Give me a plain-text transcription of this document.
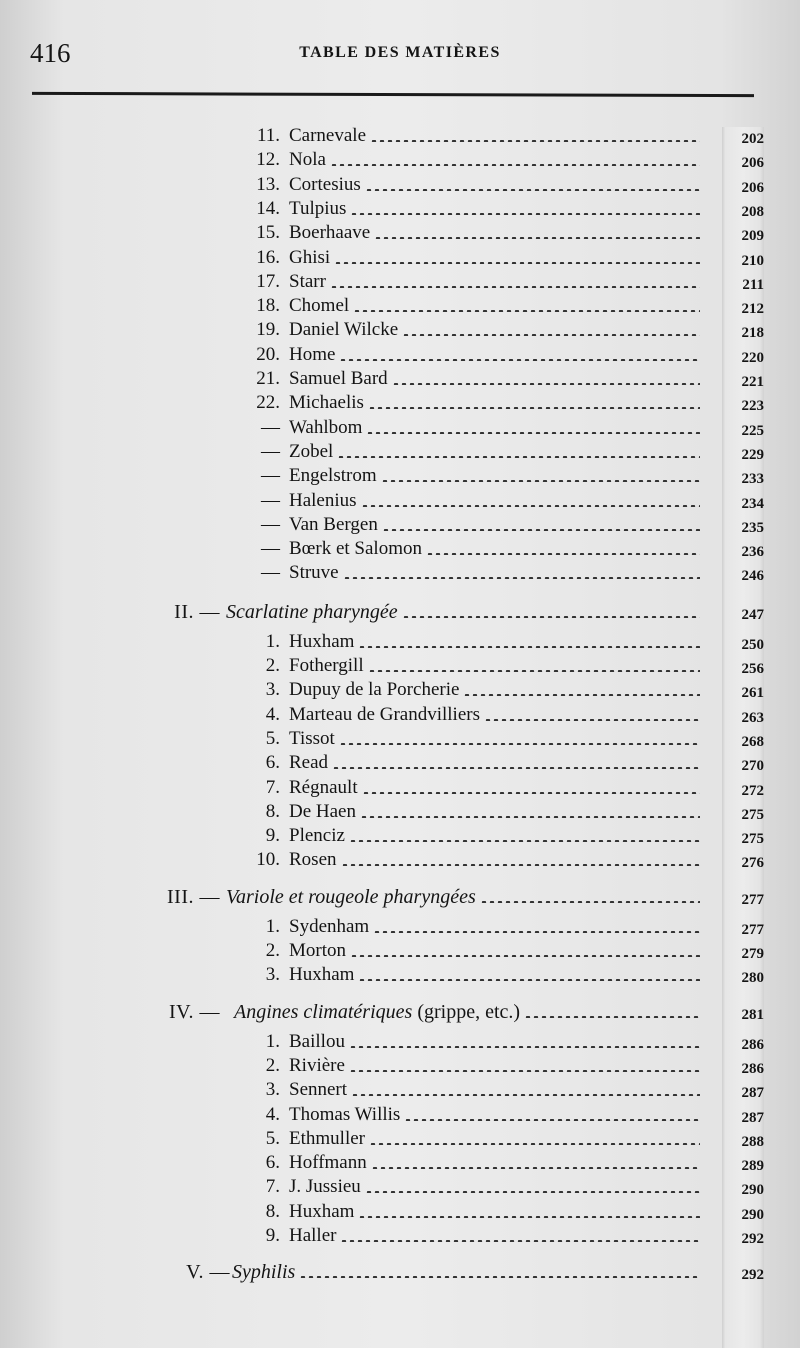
416	TABLE DES MATIÈRES
11. Carnevale	202
12. Nola	206
13. Cortesius	206
14. Tulpius	208
15. Boerhaave	209
16. Ghisi	210
17. Starr	211
18. Chomel	212
19. Daniel Wilcke	218
20. Home	220
21. Samuel Bard	221
22. Michaelis	223
— Wahlbom	225
— Zobel	229
— Engelstrom	233
— Halenius	234
— Van Bergen	235
— Bœrk et Salomon	236
— Struve	246
II. — Scarlatine pharyngée	247
1. Huxham	250
2. Fothergill	256
3. Dupuy de la Porcherie	261
4. Marteau de Grandvilliers	263
5. Tissot	268
6. Read	270
7. Régnault	272
8. De Haen	275
9. Plenciz	275
10. Rosen	276
III. — Variole et rougeole pharyngées	277
1. Sydenham	277
2. Morton	279
3. Huxham	280
IV. — Angines climatériques (grippe, etc.)	281
1. Baillou	286
2. Rivière	286
3. Sennert	287
4. Thomas Willis	287
5. Ethmuller	288
6. Hoffmann	289
7. J. Jussieu	290
8. Huxham	290
9. Haller	292
V. — Syphilis	292
